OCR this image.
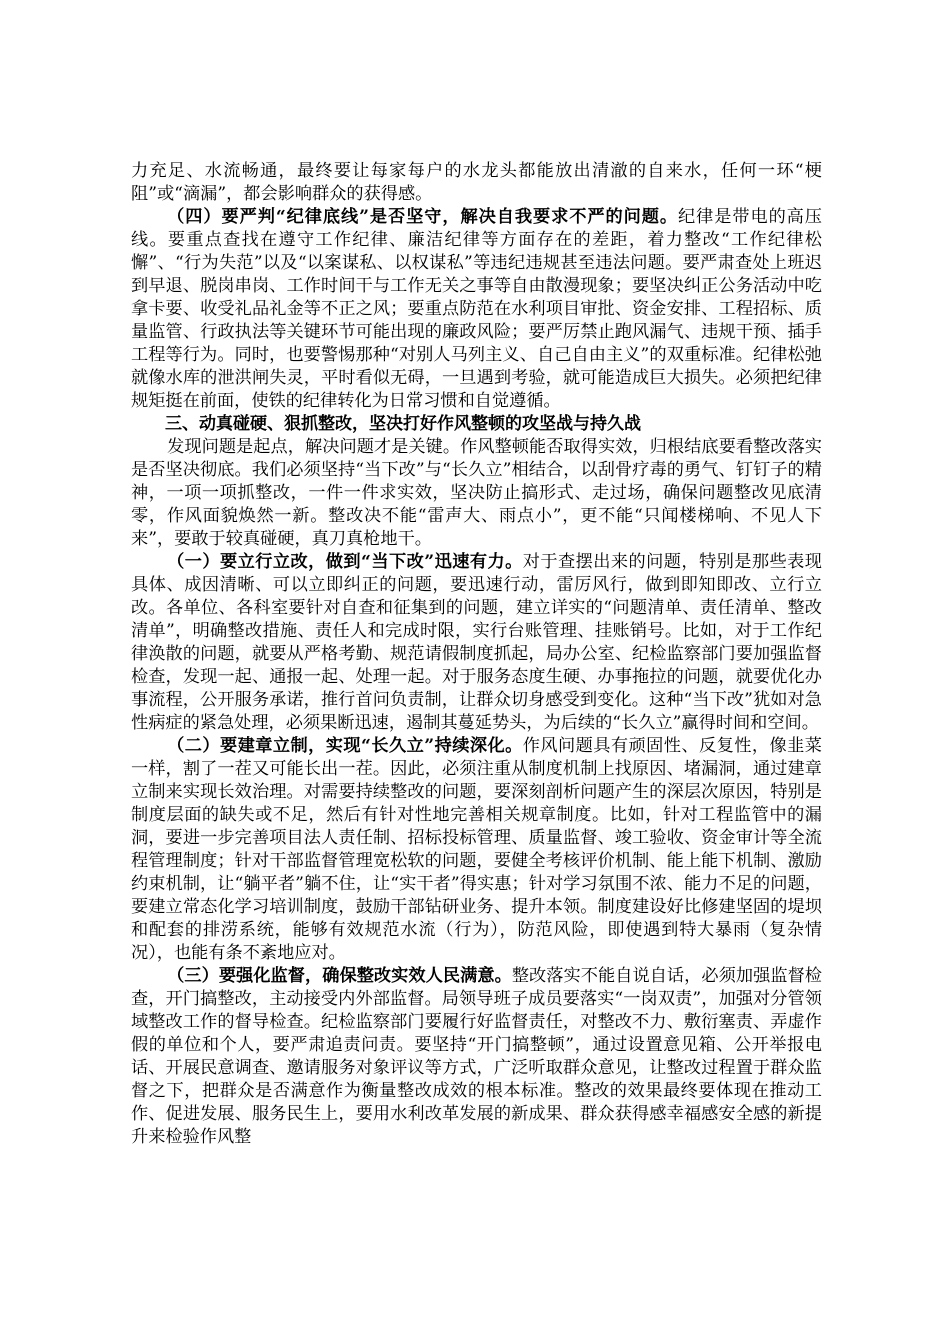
力充足、水流畅通，最终要让每家每户的水龙头都能放出清澈的自来水，任何一环“梗阻”或“滴漏”，都会影响群众的获得感。

（四）要严判“纪律底线”是否坚守，解决自我要求不严的问题。纪律是带电的高压线。要重点查找在遵守工作纪律、廉洁纪律等方面存在的差距，着力整改“工作纪律松懈”、“行为失范”以及“以案谋私、以权谋私”等违纪违规甚至违法问题。要严肃查处上班迟到早退、脱岗串岗、工作时间干与工作无关之事等自由散漫现象；要坚决纠正公务活动中吃拿卡要、收受礼品礼金等不正之风；要重点防范在水利项目审批、资金安排、工程招标、质量监管、行政执法等关键环节可能出现的廉政风险；要严厉禁止跑风漏气、违规干预、插手工程等行为。同时，也要警惕那种“对别人马列主义、自己自由主义”的双重标准。纪律松弛就像水库的泄洪闸失灵，平时看似无碍，一旦遇到考验，就可能造成巨大损失。必须把纪律规矩挺在前面，使铁的纪律转化为日常习惯和自觉遵循。

三、动真碰硬、狠抓整改，坚决打好作风整顿的攻坚战与持久战

发现问题是起点，解决问题才是关键。作风整顿能否取得实效，归根结底要看整改落实是否坚决彻底。我们必须坚持“当下改”与“长久立”相结合，以刮骨疗毒的勇气、钉钉子的精神，一项一项抓整改，一件一件求实效，坚决防止搞形式、走过场，确保问题整改见底清零，作风面貌焕然一新。整改决不能“雷声大、雨点小”，更不能“只闻楼梯响、不见人下来”，要敢于较真碰硬，真刀真枪地干。

（一）要立行立改，做到“当下改”迅速有力。对于查摆出来的问题，特别是那些表现具体、成因清晰、可以立即纠正的问题，要迅速行动，雷厉风行，做到即知即改、立行立改。各单位、各科室要针对自查和征集到的问题，建立详实的“问题清单、责任清单、整改清单”，明确整改措施、责任人和完成时限，实行台账管理、挂账销号。比如，对于工作纪律涣散的问题，就要从严格考勤、规范请假制度抓起，局办公室、纪检监察部门要加强监督检查，发现一起、通报一起、处理一起。对于服务态度生硬、办事拖拉的问题，就要优化办事流程，公开服务承诺，推行首问负责制，让群众切身感受到变化。这种“当下改”犹如对急性病症的紧急处理，必须果断迅速，遏制其蔓延势头，为后续的“长久立”赢得时间和空间。

（二）要建章立制，实现“长久立”持续深化。作风问题具有顽固性、反复性，像韭菜一样，割了一茬又可能长出一茬。因此，必须注重从制度机制上找原因、堵漏洞，通过建章立制来实现长效治理。对需要持续整改的问题，要深刻剖析问题产生的深层次原因，特别是制度层面的缺失或不足，然后有针对性地完善相关规章制度。比如，针对工程监管中的漏洞，要进一步完善项目法人责任制、招标投标管理、质量监督、竣工验收、资金审计等全流程管理制度；针对干部监督管理宽松软的问题，要健全考核评价机制、能上能下机制、激励约束机制，让“躺平者”躺不住，让“实干者”得实惠；针对学习氛围不浓、能力不足的问题，要建立常态化学习培训制度，鼓励干部钻研业务、提升本领。制度建设好比修建坚固的堤坝和配套的排涝系统，能够有效规范水流（行为），防范风险，即使遇到特大暴雨（复杂情况），也能有条不紊地应对。

（三）要强化监督，确保整改实效人民满意。整改落实不能自说自话，必须加强监督检查，开门搞整改，主动接受内外部监督。局领导班子成员要落实“一岗双责”，加强对分管领域整改工作的督导检查。纪检监察部门要履行好监督责任，对整改不力、敷衍塞责、弄虚作假的单位和个人，要严肃追责问责。要坚持“开门搞整顿”，通过设置意见箱、公开举报电话、开展民意调查、邀请服务对象评议等方式，广泛听取群众意见，让整改过程置于群众监督之下，把群众是否满意作为衡量整改成效的根本标准。整改的效果最终要体现在推动工作、促进发展、服务民生上，要用水利改革发展的新成果、群众获得感幸福感安全感的新提升来检验作风整
